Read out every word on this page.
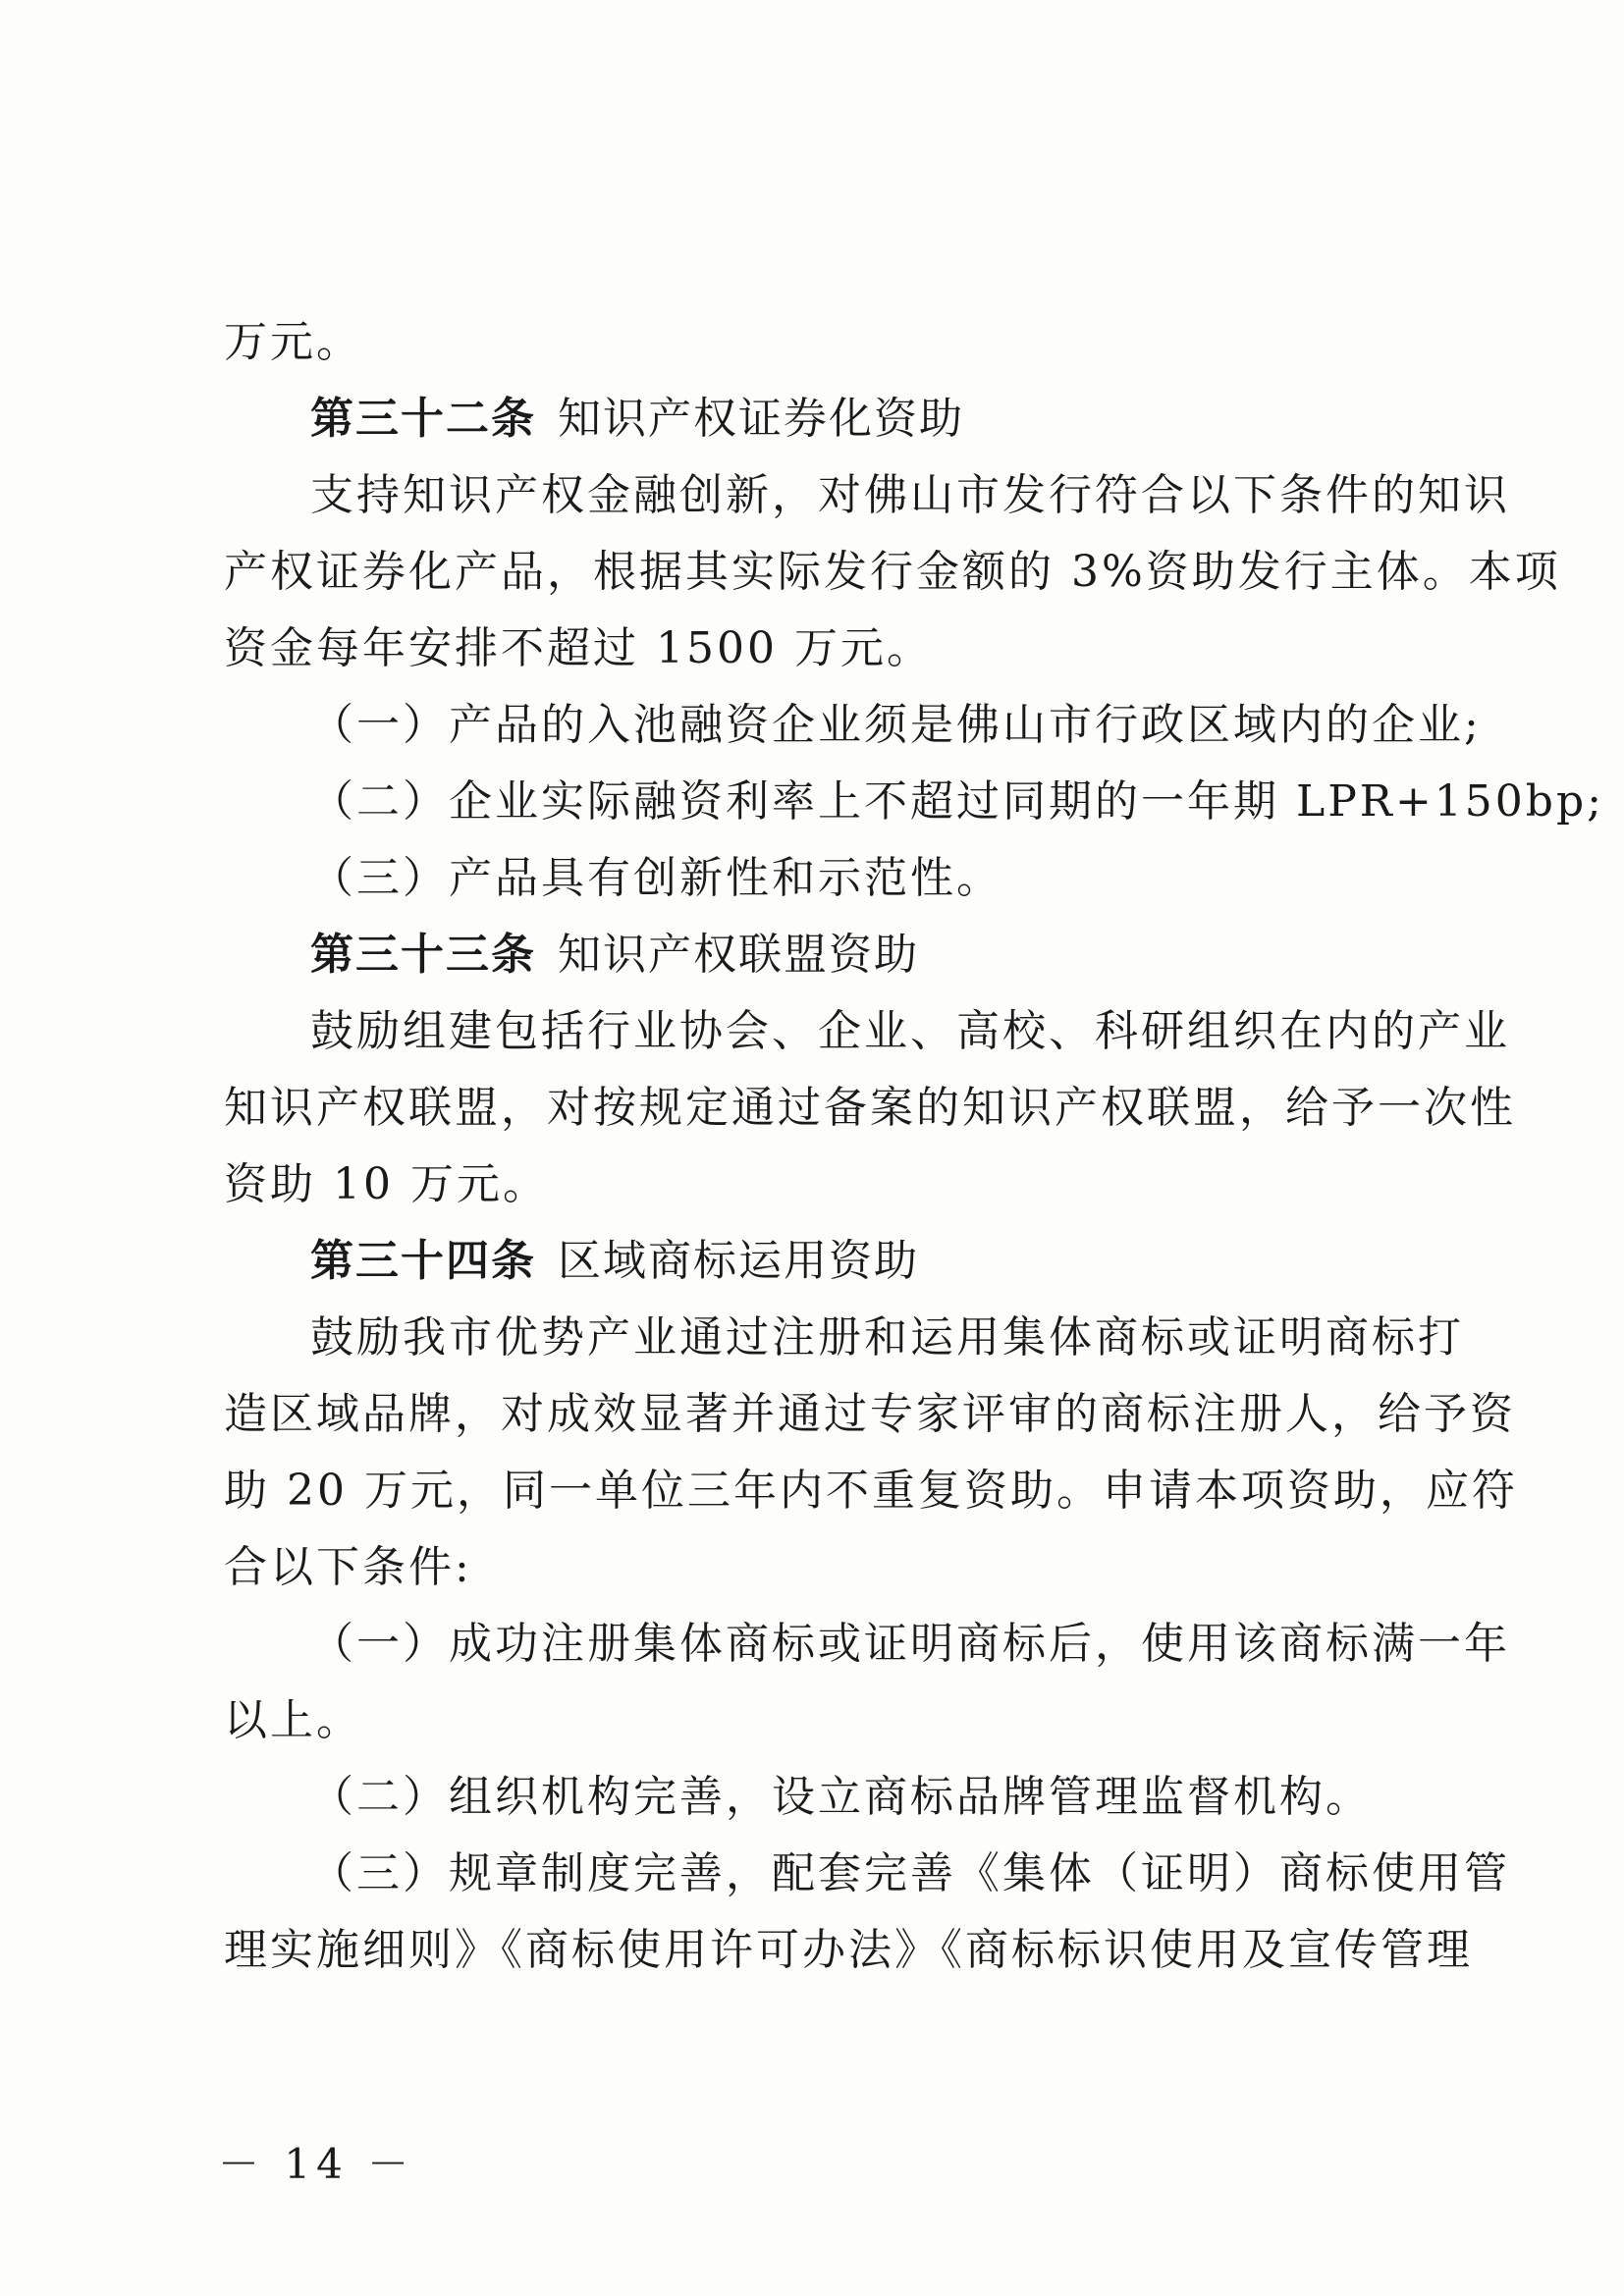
万元。
第三十二条 知识产权证券化资助
支持知识产权金融创新，对佛山市发行符合以下条件的知识
产权证券化产品，根据其实际发行金额的 3%资助发行主体。本项
资金每年安排不超过 1500 万元。
（一）产品的入池融资企业须是佛山市行政区域内的企业;
（二）企业实际融资利率上不超过同期的一年期 LPR+150bp;
（三）产品具有创新性和示范性。
第三十三条 知识产权联盟资助
鼓励组建包括行业协会、企业、高校、科研组织在内的产业
知识产权联盟，对按规定通过备案的知识产权联盟，给予一次性
资助 10 万元。
第三十四条 区域商标运用资助
鼓励我市优势产业通过注册和运用集体商标或证明商标打
造区域品牌，对成效显著并通过专家评审的商标注册人，给予资
助 20 万元，同一单位三年内不重复资助。申请本项资助，应符
合以下条件:
（一）成功注册集体商标或证明商标后，使用该商标满一年
以上。
（二）组织机构完善，设立商标品牌管理监督机构。
（三）规章制度完善，配套完善《集体（证明）商标使用管
理实施细则》《商标使用许可办法》《商标标识使用及宣传管理
－ 14 －
